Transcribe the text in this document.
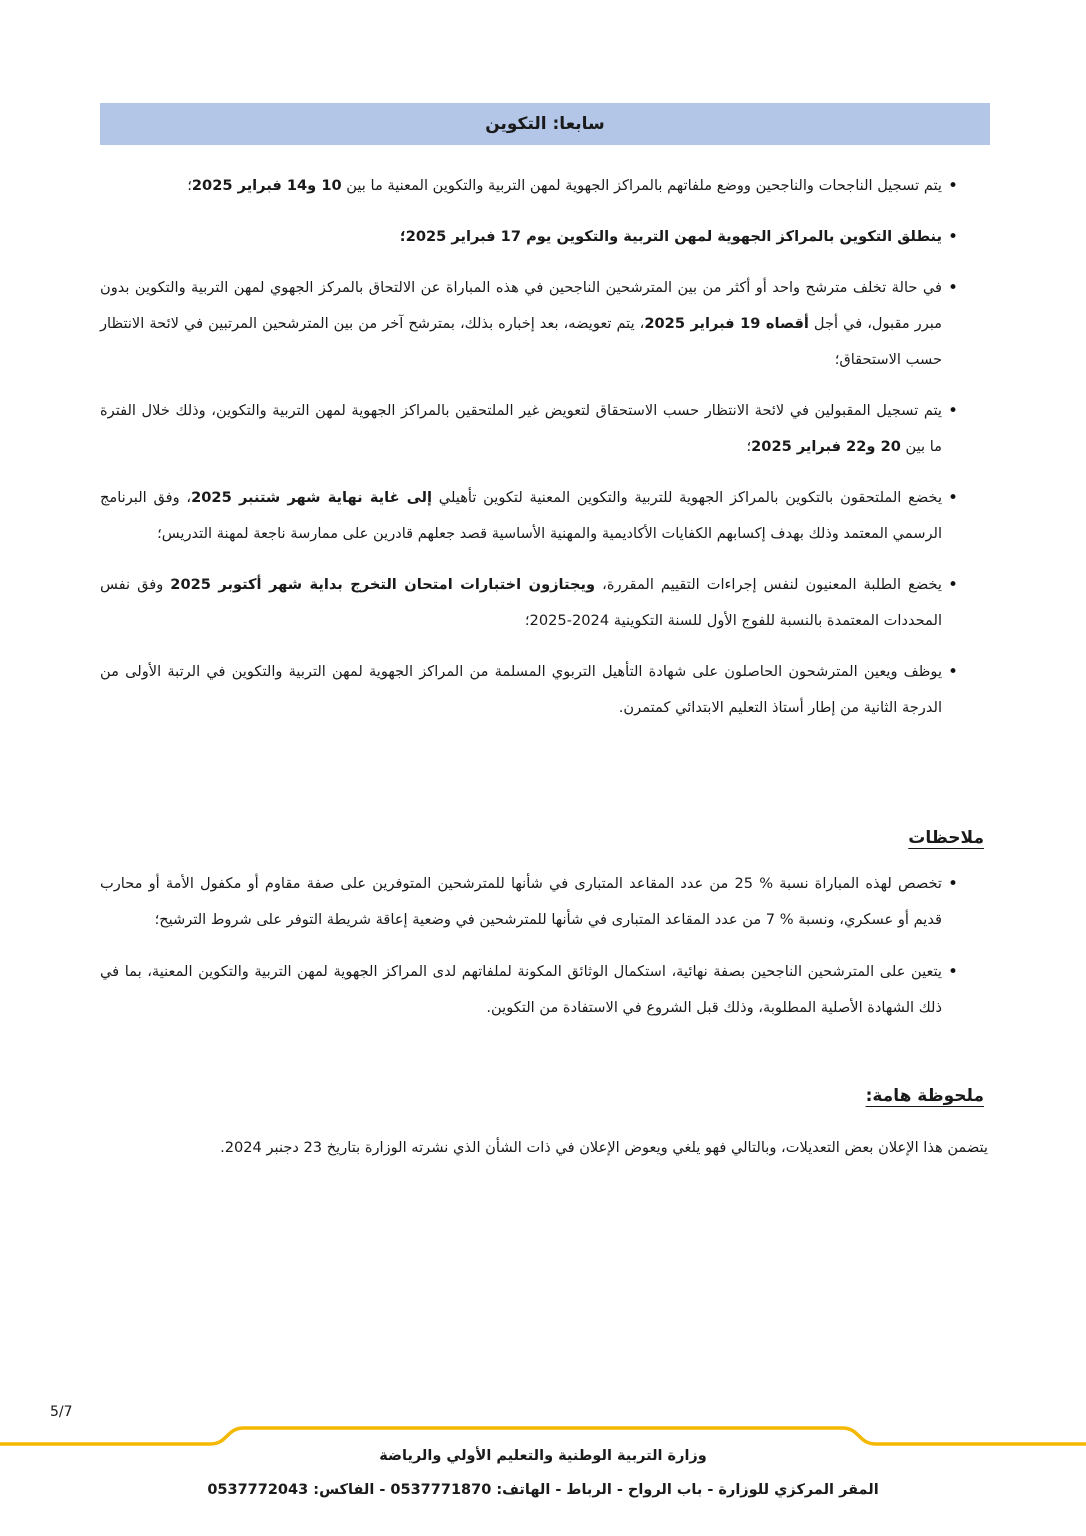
سابعا: التكوين
• يتم تسجيل الناجحات والناجحين ووضع ملفاتهم بالمراكز الجهوية لمهن التربية والتكوين المعنية ما بين 10 و14 فبراير 2025؛
• ينطلق التكوين بالمراكز الجهوية لمهن التربية والتكوين يوم 17 فبراير 2025؛
• في حالة تخلف مترشح واحد أو أكثر من بين المترشحين الناجحين في هذه المباراة عن الالتحاق بالمركز الجهوي لمهن التربية والتكوين بدون مبرر مقبول، في أجل أقصاه 19 فبراير 2025، يتم تعويضه، بعد إخباره بذلك، بمترشح آخر من بين المترشحين المرتبين في لائحة الانتظار حسب الاستحقاق؛
• يتم تسجيل المقبولين في لائحة الانتظار حسب الاستحقاق لتعويض غير الملتحقين بالمراكز الجهوية لمهن التربية والتكوين، وذلك خلال الفترة ما بين 20 و22 فبراير 2025؛
• يخضع الملتحقون بالتكوين بالمراكز الجهوية للتربية والتكوين المعنية لتكوين تأهيلي إلى غاية نهاية شهر شتنبر 2025، وفق البرنامج الرسمي المعتمد وذلك بهدف إكسابهم الكفايات الأكاديمية والمهنية الأساسية قصد جعلهم قادرين على ممارسة ناجعة لمهنة التدريس؛
• يخضع الطلبة المعنيون لنفس إجراءات التقييم المقررة، ويجتازون اختبارات امتحان التخرج بداية شهر أكتوبر 2025 وفق نفس المحددات المعتمدة بالنسبة للفوج الأول للسنة التكوينية 2024-2025؛
• يوظف ويعين المترشحون الحاصلون على شهادة التأهيل التربوي المسلمة من المراكز الجهوية لمهن التربية والتكوين في الرتبة الأولى من الدرجة الثانية من إطار أستاذ التعليم الابتدائي كمتمرن.
ملاحظات
• تخصص لهذه المباراة نسبة % 25 من عدد المقاعد المتبارى في شأنها للمترشحين المتوفرين على صفة مقاوم أو مكفول الأمة أو محارب قديم أو عسكري، ونسبة % 7 من عدد المقاعد المتبارى في شأنها للمترشحين في وضعية إعاقة شريطة التوفر على شروط الترشيح؛
• يتعين على المترشحين الناجحين بصفة نهائية، استكمال الوثائق المكونة لملفاتهم لدى المراكز الجهوية لمهن التربية والتكوين المعنية، بما في ذلك الشهادة الأصلية المطلوبة، وذلك قبل الشروع في الاستفادة من التكوين.
ملحوظة هامة:

يتضمن هذا الإعلان بعض التعديلات، وبالتالي فهو يلغي ويعوض الإعلان في ذات الشأن الذي نشرته الوزارة بتاريخ 23 دجنبر 2024.

5/7
وزارة التربية الوطنية والتعليم الأولي والرياضة
المقر المركزي للوزارة - باب الرواح - الرباط - الهاتف: 0537771870 - الفاكس: 0537772043
